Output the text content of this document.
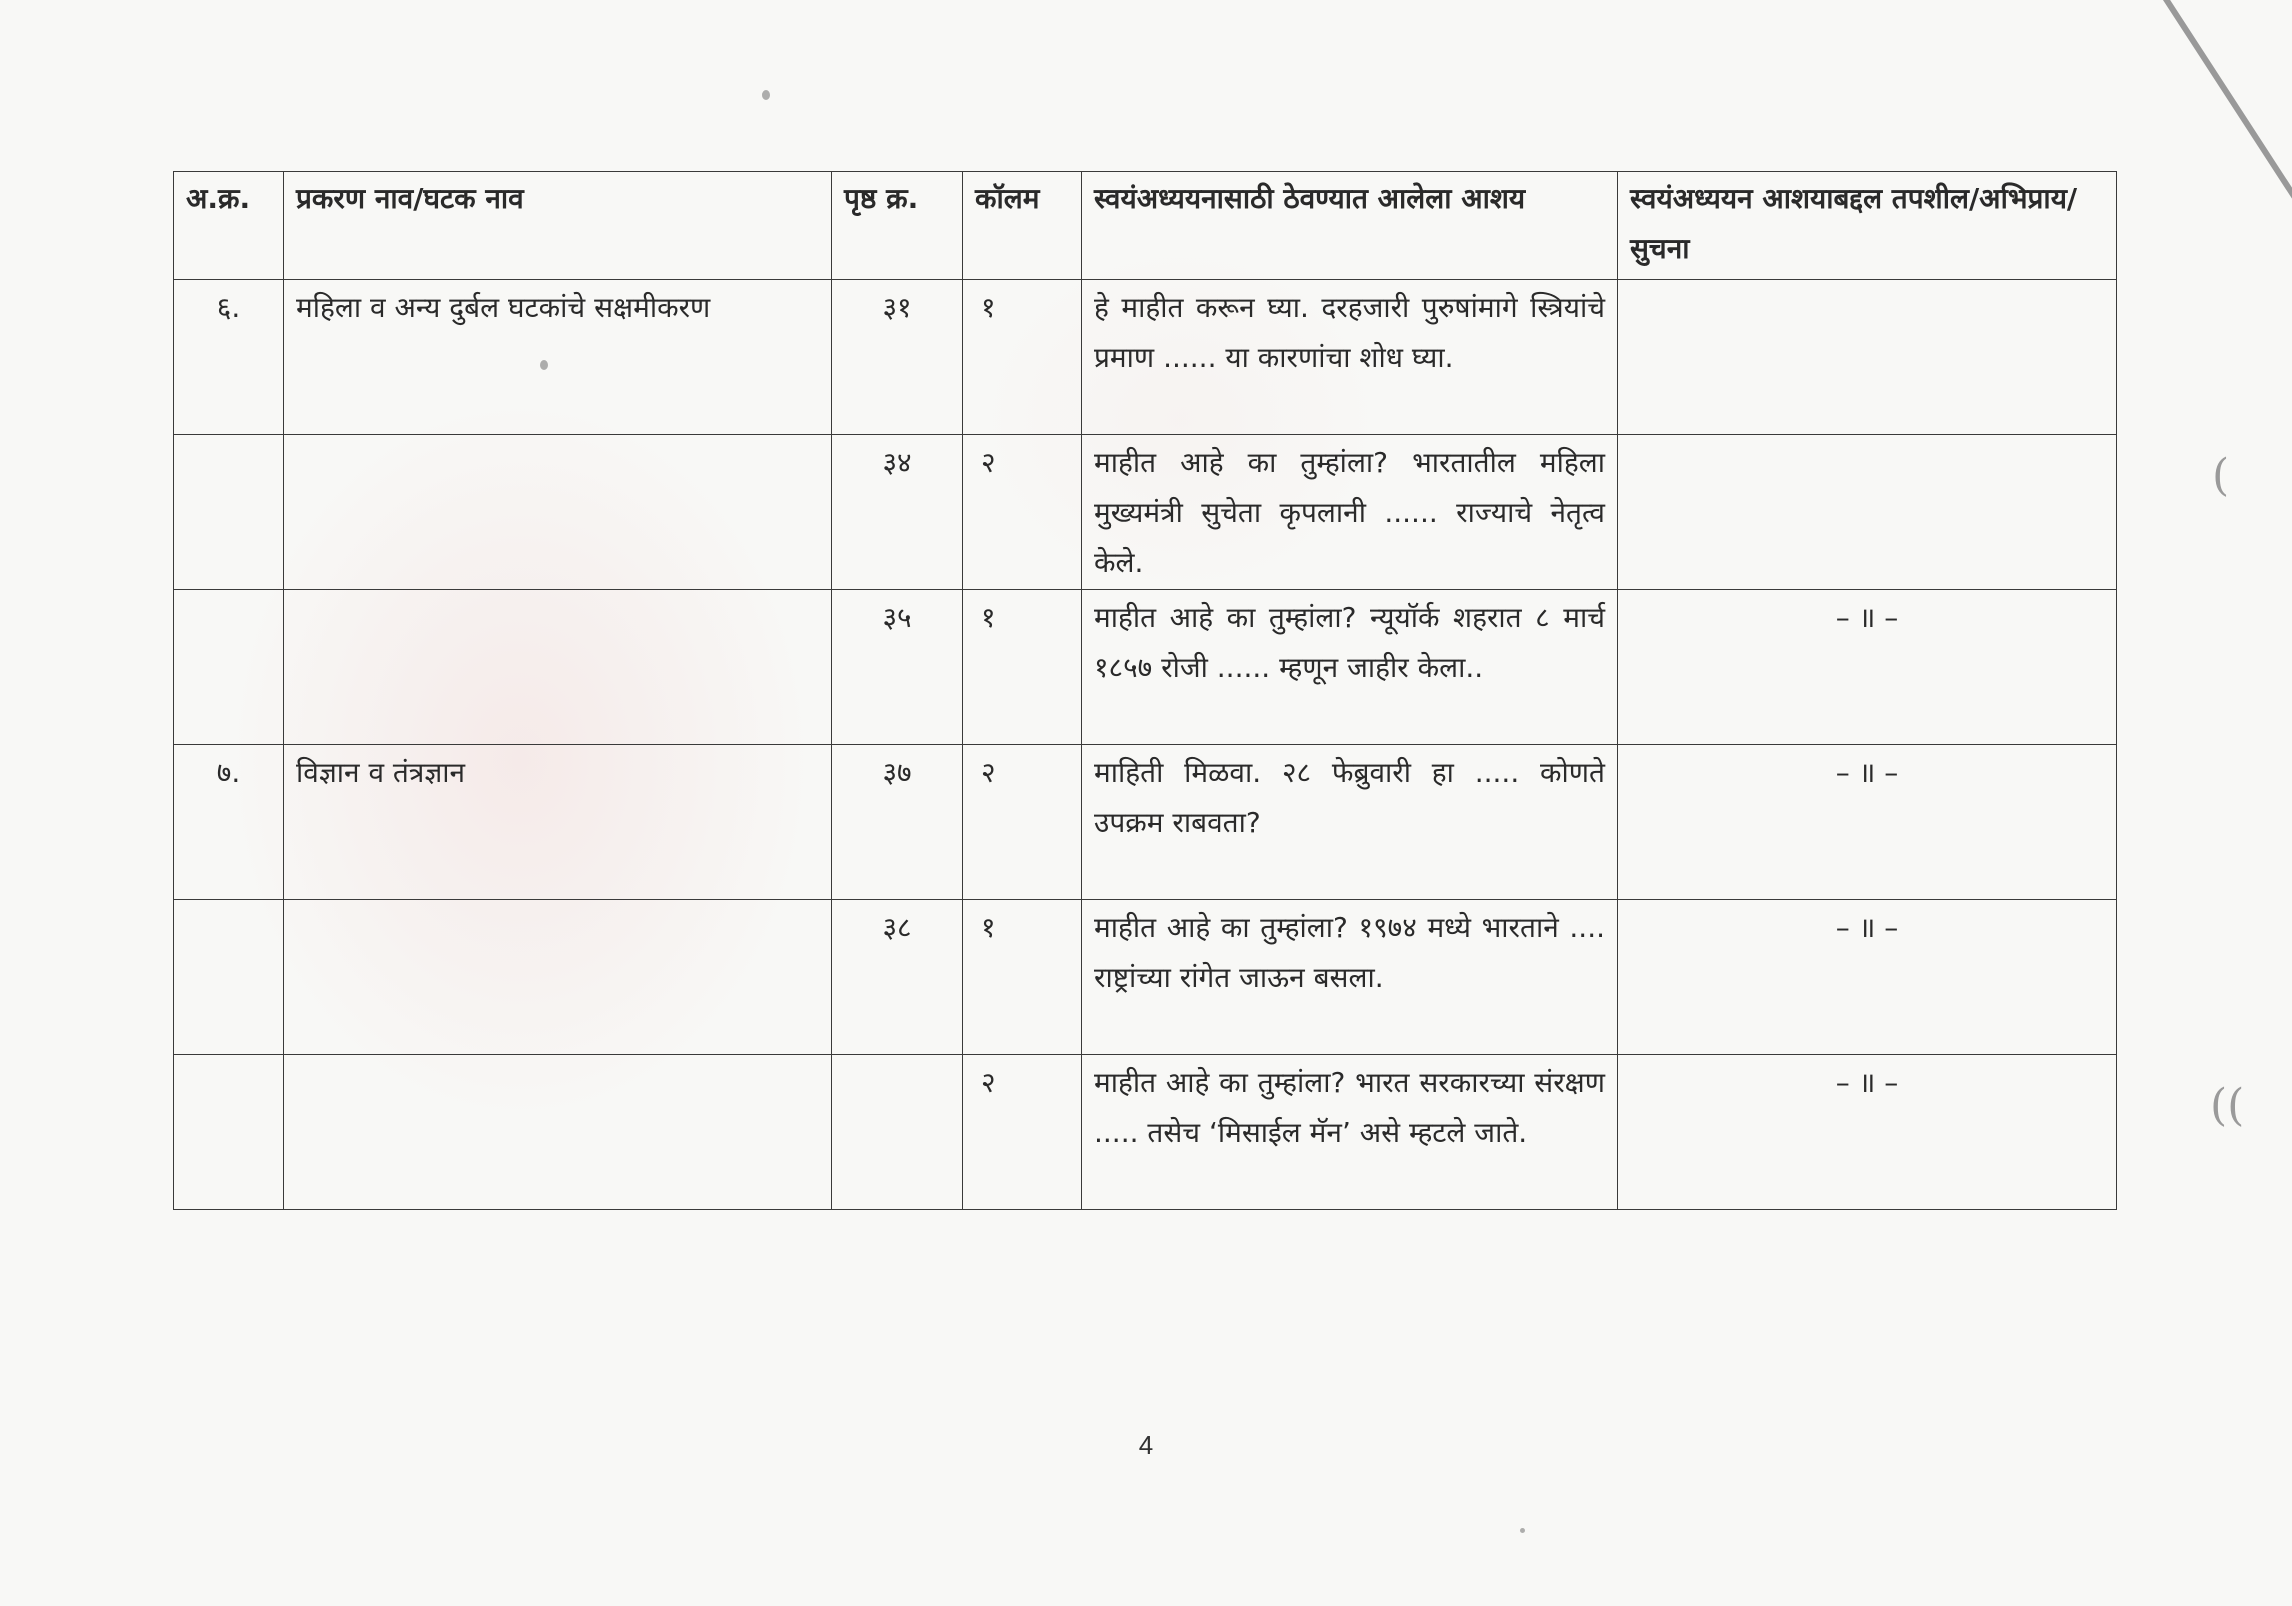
(
((
अ.क्र.	प्रकरण नाव/घटक नाव	पृष्ठ क्र.	कॉलम	स्वयंअध्ययनासाठी ठेवण्यात आलेला आशय	स्वयंअध्ययन आशयाबद्दल तपशील/अभिप्राय/सुचना
६.	महिला व अन्य दुर्बल घटकांचे सक्षमीकरण	३१	१	हे माहीत करून घ्या. दरहजारी पुरुषांमागे स्त्रियांचे प्रमाण ...... या कारणांचा शोध घ्या.	
		३४	२	माहीत आहे का तुम्हांला? भारतातील महिला मुख्यमंत्री सुचेता कृपलानी ...... राज्याचे नेतृत्व केले.	
		३५	१	माहीत आहे का तुम्हांला? न्यूयॉर्क शहरात ८ मार्च १८५७ रोजी ...... म्हणून जाहीर केला..	– ॥ –
७.	विज्ञान व तंत्रज्ञान	३७	२	माहिती मिळवा. २८ फेब्रुवारी हा ..... कोणते उपक्रम राबवता?	– ॥ –
		३८	१	माहीत आहे का तुम्हांला? १९७४ मध्ये भारताने .... राष्ट्रांच्या रांगेत जाऊन बसला.	– ॥ –
			२	माहीत आहे का तुम्हांला? भारत सरकारच्या संरक्षण ..... तसेच ‘मिसाईल मॅन’ असे म्हटले जाते.	– ॥ –
4
